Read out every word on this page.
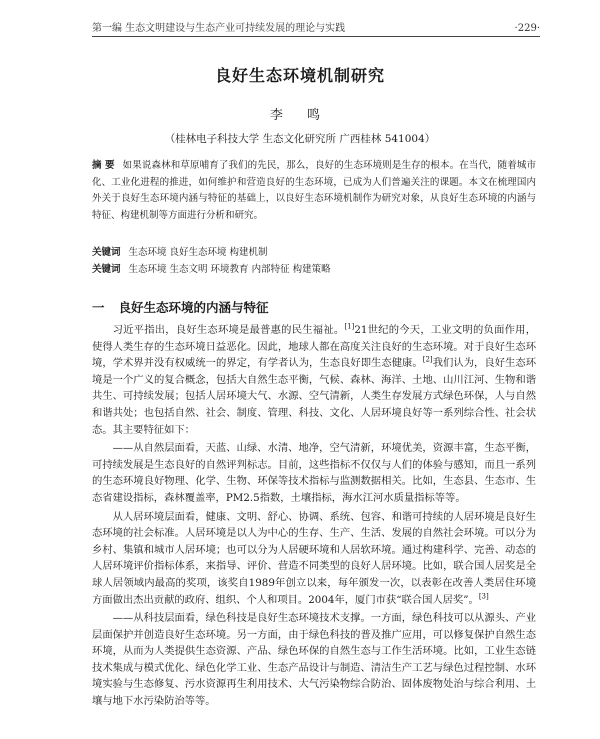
第一编 生态文明建设与生态产业可持续发展的理论与实践	·229·
良好生态环境机制研究
李 鸣
（桂林电子科技大学 生态文化研究所 广西桂林 541004）
摘 要 如果说森林和草原哺育了我们的先民，那么，良好的生态环境则是生存的根本。在当代，随着城市化、工业化进程的推进，如何维护和营造良好的生态环境，已成为人们普遍关注的课题。本文在梳理国内外关于良好生态环境内涵与特征的基础上，以良好生态环境机制作为研究对象，从良好生态环境的内涵与特征、构建机制等方面进行分析和研究。
关键词 生态环境 良好生态环境 构建机制
关键词 生态环境 生态文明 环境教育 内部特征 构建策略
一 良好生态环境的内涵与特征

习近平指出，良好生态环境是最普惠的民生福祉。[1]21世纪的今天，工业文明的负面作用，使得人类生存的生态环境日益恶化。因此，地球人都在高度关注良好的生态环境。对于良好生态环境，学术界并没有权威统一的界定，有学者认为，生态良好即生态健康。[2]我们认为，良好生态环境是一个广义的复合概念，包括大自然生态平衡，气候、森林、海洋、土地、山川江河、生物和谐共生、可持续发展；包括人居环境大气、水源、空气清新，人类生存发展方式绿色环保，人与自然和谐共处；也包括自然、社会、制度、管理、科技、文化、人居环境良好等一系列综合性、社会状态。其主要特征如下：

——从自然层面看，天蓝、山绿、水清、地净，空气清新，环境优美，资源丰富，生态平衡，可持续发展是生态良好的自然评判标志。目前，这些指标不仅仅与人们的体验与感知，而且一系列的生态环境良好物理、化学、生物、环保等技术指标与监测数据相关。比如，生态县、生态市、生态省建设指标，森林覆盖率，PM2.5指数，土壤指标，海水江河水质量指标等等。

从人居环境层面看，健康、文明、舒心、协调、系统、包容、和谐可持续的人居环境是良好生态环境的社会标准。人居环境是以人为中心的生存、生产、生活、发展的自然社会环境。可以分为乡村、集镇和城市人居环境；也可以分为人居硬环境和人居软环境。通过构建科学、完善、动态的人居环境评价指标体系，来指导、评价、营造不同类型的良好人居环境。比如，联合国人居奖是全球人居领域内最高的奖项，该奖自1989年创立以来，每年颁发一次，以表彰在改善人类居住环境方面做出杰出贡献的政府、组织、个人和项目。2004年，厦门市获“联合国人居奖”。[3]

——从科技层面看，绿色科技是良好生态环境技术支撑。一方面，绿色科技可以从源头、产业层面保护并创造良好生态环境。另一方面，由于绿色科技的普及推广应用，可以修复保护自然生态环境，从而为人类提供生态资源、产品、绿色环保的自然生态与工作生活环境。比如，工业生态链技术集成与模式优化、绿色化学工业、生态产品设计与制造、清洁生产工艺与绿色过程控制、水环境实验与生态修复、污水资源再生利用技术、大气污染物综合防治、固体废物处治与综合利用、土壤与地下水污染防治等等。
